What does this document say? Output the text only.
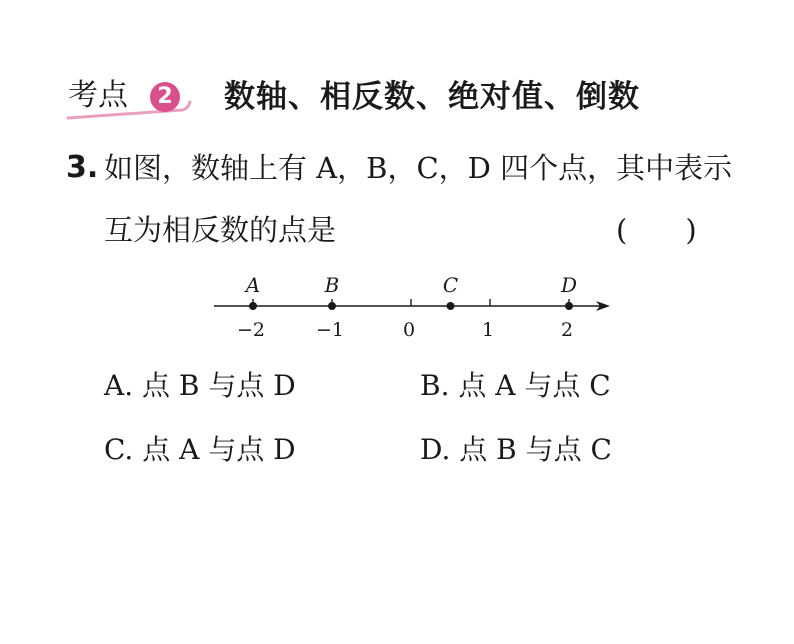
考点	2 数轴、相反数、绝对值、倒数
3. 如图，数轴上有 A，B，C，D 四个点，其中表示
互为相反数的点是	(　　)
−2	−1	0	1	2
A	B	C	D
A. 点 B 与点 D	B. 点 A 与点 C
C. 点 A 与点 D	D. 点 B 与点 C
